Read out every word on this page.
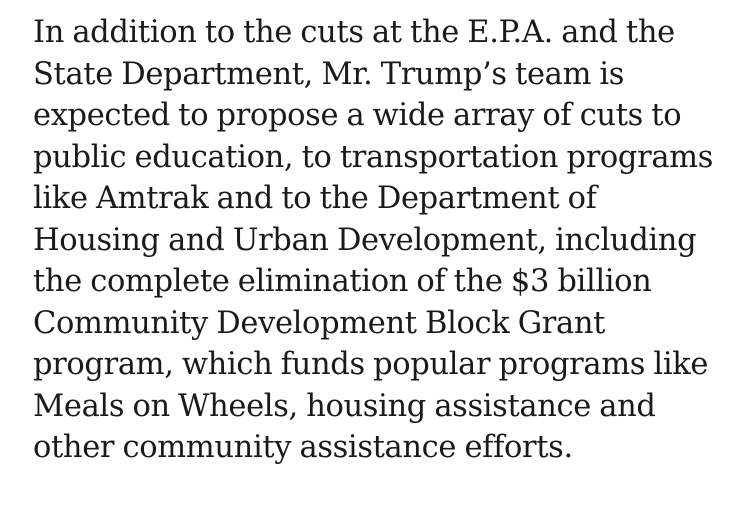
In addition to the cuts at the E.P.A. and the
State Department, Mr. Trump’s team is
expected to propose a wide array of cuts to
public education, to transportation programs
like Amtrak and to the Department of
Housing and Urban Development, including
the complete elimination of the $3 billion
Community Development Block Grant
program, which funds popular programs like
Meals on Wheels, housing assistance and
other community assistance efforts.
